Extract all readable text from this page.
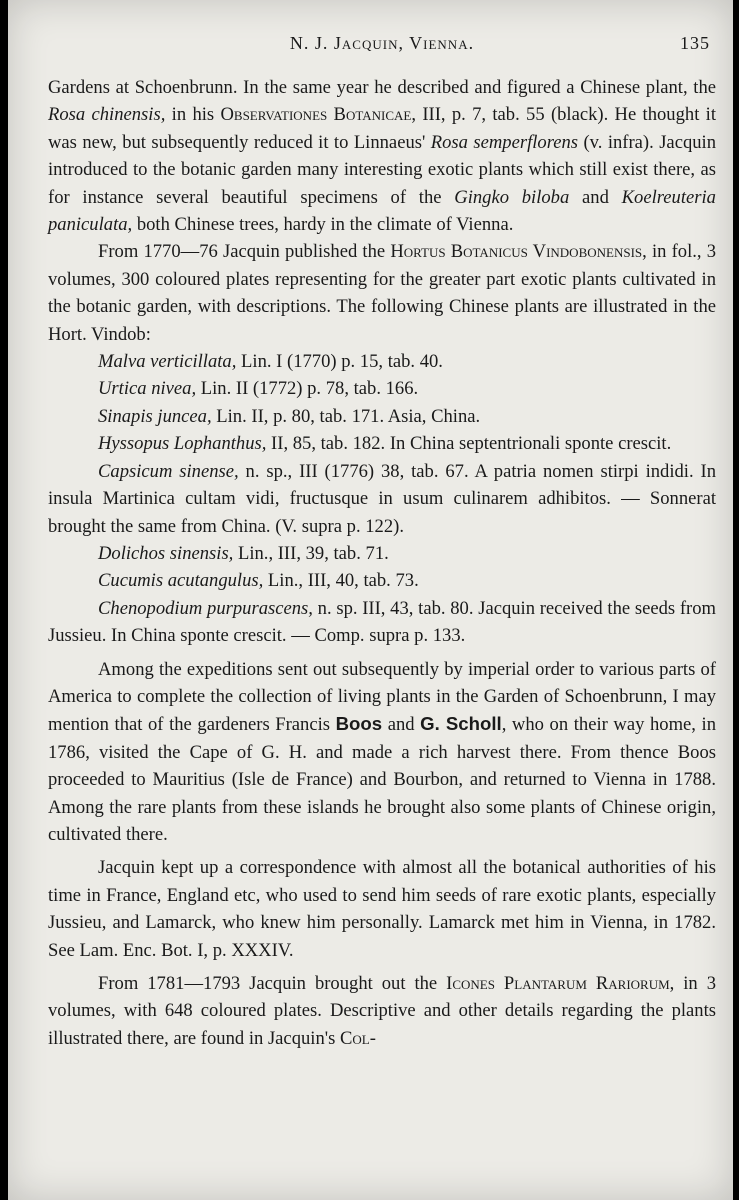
N. J. Jacquin, Vienna.	135

Gardens at Schoenbrunn. In the same year he described and figured a Chinese plant, the Rosa chinensis, in his Observationes Botanicae, III, p. 7, tab. 55 (black). He thought it was new, but subsequently reduced it to Linnaeus' Rosa semperflorens (v. infra). Jacquin introduced to the botanic garden many interesting exotic plants which still exist there, as for instance several beautiful specimens of the Gingko biloba and Koelreuteria paniculata, both Chinese trees, hardy in the climate of Vienna.

From 1770—76 Jacquin published the Hortus Botanicus Vindobonensis, in fol., 3 volumes, 300 coloured plates representing for the greater part exotic plants cultivated in the botanic garden, with descriptions. The following Chinese plants are illustrated in the Hort. Vindob:

Malva verticillata, Lin. I (1770) p. 15, tab. 40.

Urtica nivea, Lin. II (1772) p. 78, tab. 166.

Sinapis juncea, Lin. II, p. 80, tab. 171. Asia, China.

Hyssopus Lophanthus, II, 85, tab. 182. In China septentrionali sponte crescit.

Capsicum sinense, n. sp., III (1776) 38, tab. 67. A patria nomen stirpi indidi. In insula Martinica cultam vidi, fructusque in usum culinarem adhibitos. — Sonnerat brought the same from China. (V. supra p. 122).

Dolichos sinensis, Lin., III, 39, tab. 71.

Cucumis acutangulus, Lin., III, 40, tab. 73.

Chenopodium purpurascens, n. sp. III, 43, tab. 80. Jacquin received the seeds from Jussieu. In China sponte crescit. — Comp. supra p. 133.

Among the expeditions sent out subsequently by imperial order to various parts of America to complete the collection of living plants in the Garden of Schoenbrunn, I may mention that of the gardeners Francis Boos and G. Scholl, who on their way home, in 1786, visited the Cape of G. H. and made a rich harvest there. From thence Boos proceeded to Mauritius (Isle de France) and Bourbon, and returned to Vienna in 1788. Among the rare plants from these islands he brought also some plants of Chinese origin, cultivated there.

Jacquin kept up a correspondence with almost all the botanical authorities of his time in France, England etc, who used to send him seeds of rare exotic plants, especially Jussieu, and Lamarck, who knew him personally. Lamarck met him in Vienna, in 1782. See Lam. Enc. Bot. I, p. XXXIV.

From 1781—1793 Jacquin brought out the Icones Plantarum Rariorum, in 3 volumes, with 648 coloured plates. Descriptive and other details regarding the plants illustrated there, are found in Jacquin's Col-
